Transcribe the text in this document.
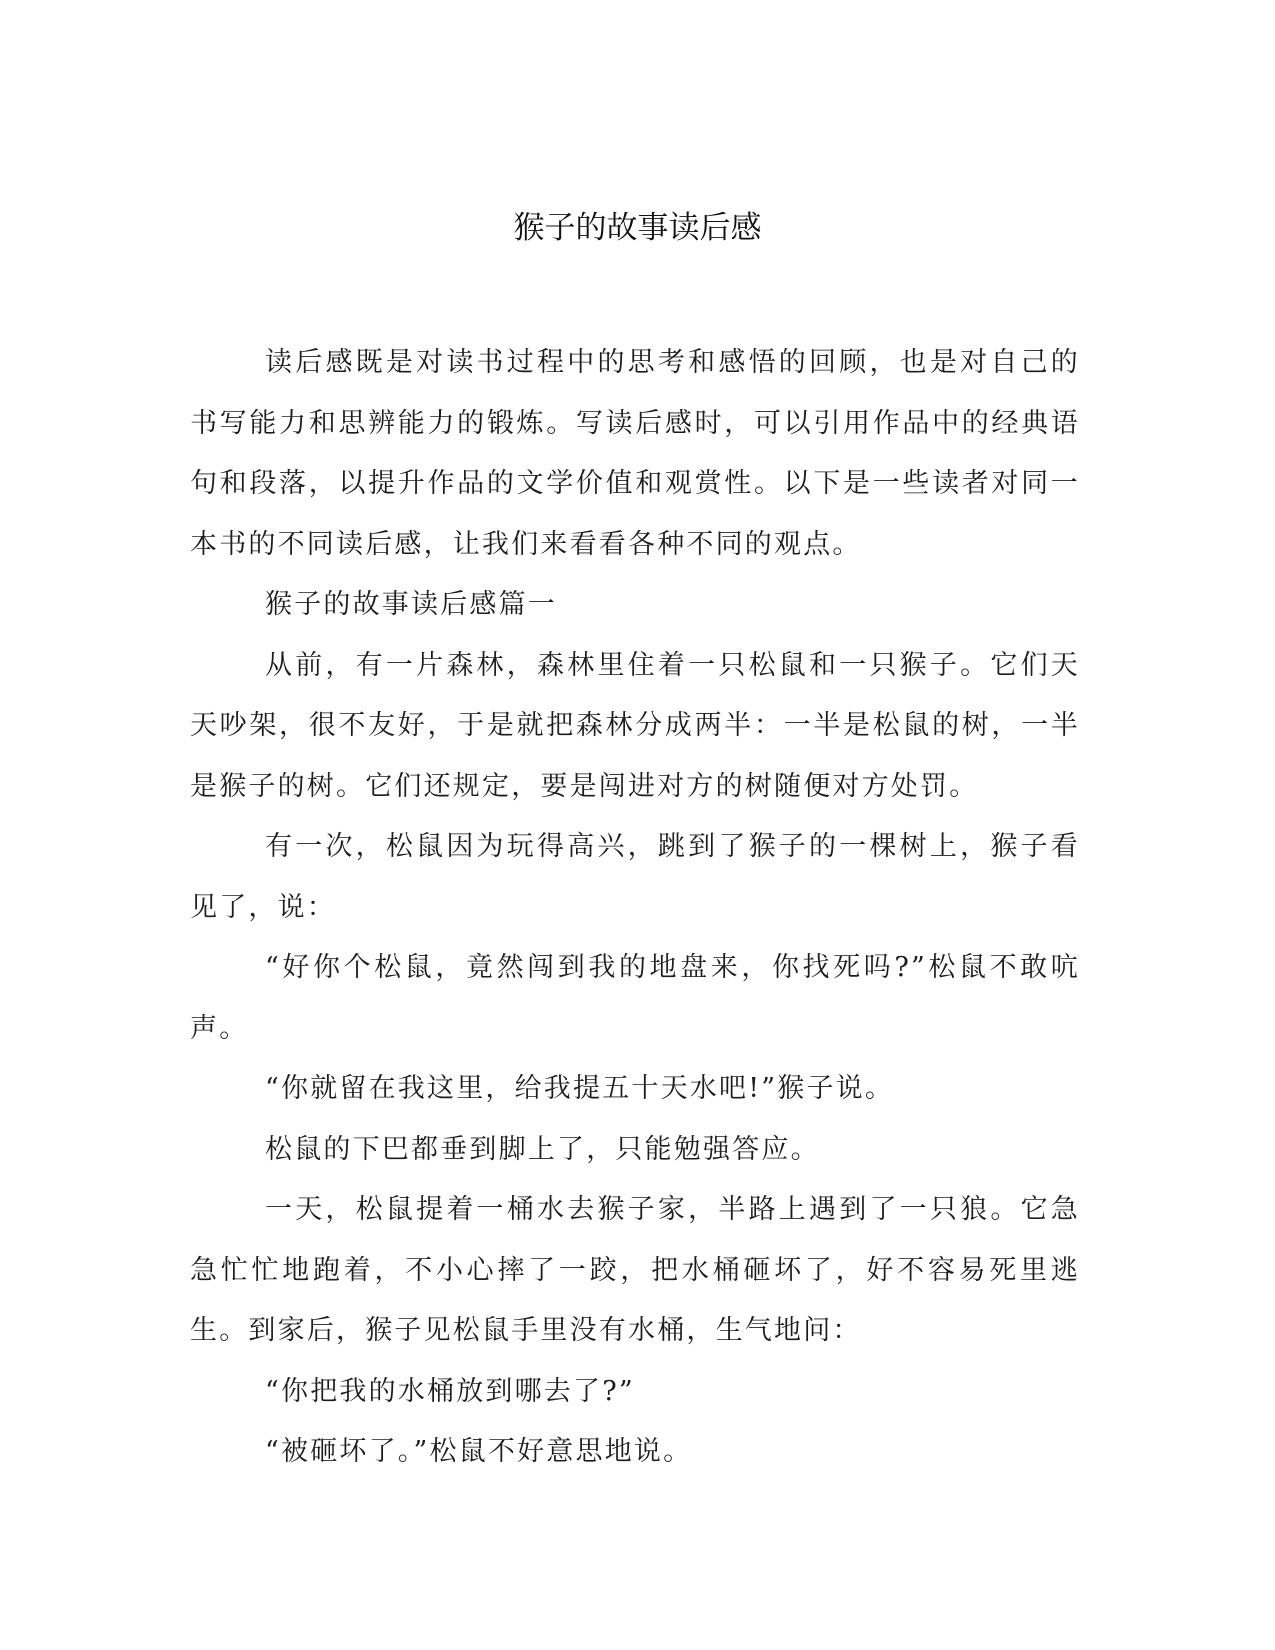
猴子的故事读后感

读后感既是对读书过程中的思考和感悟的回顾，也是对自己的书写能力和思辨能力的锻炼。写读后感时，可以引用作品中的经典语句和段落，以提升作品的文学价值和观赏性。以下是一些读者对同一本书的不同读后感，让我们来看看各种不同的观点。

猴子的故事读后感篇一

从前，有一片森林，森林里住着一只松鼠和一只猴子。它们天天吵架，很不友好，于是就把森林分成两半：一半是松鼠的树，一半是猴子的树。它们还规定，要是闯进对方的树随便对方处罚。

有一次，松鼠因为玩得高兴，跳到了猴子的一棵树上，猴子看见了，说：

“好你个松鼠，竟然闯到我的地盘来，你找死吗?”松鼠不敢吭声。

“你就留在我这里，给我提五十天水吧!”猴子说。

松鼠的下巴都垂到脚上了，只能勉强答应。

一天，松鼠提着一桶水去猴子家，半路上遇到了一只狼。它急急忙忙地跑着，不小心摔了一跤，把水桶砸坏了，好不容易死里逃生。到家后，猴子见松鼠手里没有水桶，生气地问：

“你把我的水桶放到哪去了?”

“被砸坏了。”松鼠不好意思地说。
